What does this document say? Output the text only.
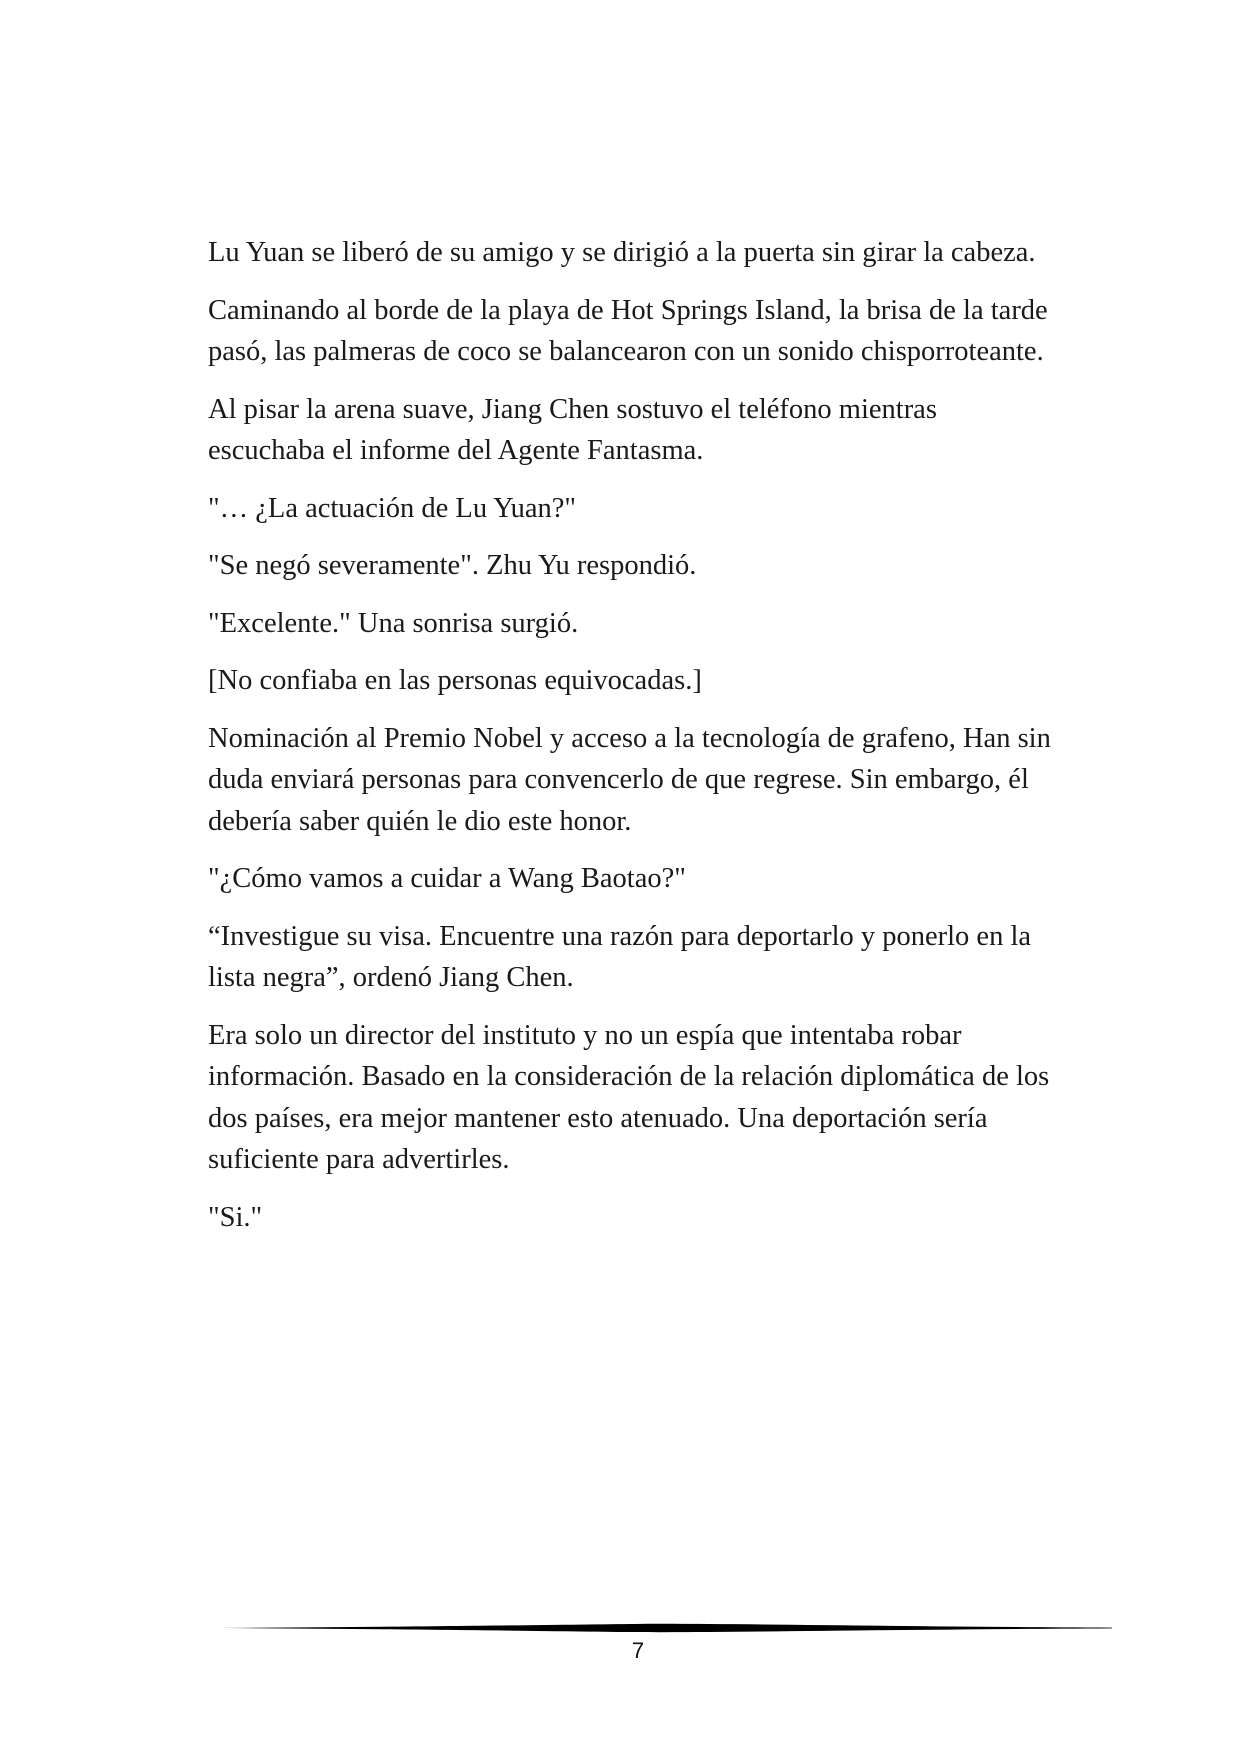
Lu Yuan se liberó de su amigo y se dirigió a la puerta sin girar la cabeza.

Caminando al borde de la playa de Hot Springs Island, la brisa de la tarde pasó, las palmeras de coco se balancearon con un sonido chisporroteante.

Al pisar la arena suave, Jiang Chen sostuvo el teléfono mientras escuchaba el informe del Agente Fantasma.

"… ¿La actuación de Lu Yuan?"

"Se negó severamente". Zhu Yu respondió.

"Excelente." Una sonrisa surgió.

[No confiaba en las personas equivocadas.]

Nominación al Premio Nobel y acceso a la tecnología de grafeno, Han sin duda enviará personas para convencerlo de que regrese. Sin embargo, él debería saber quién le dio este honor.

"¿Cómo vamos a cuidar a Wang Baotao?"

“Investigue su visa. Encuentre una razón para deportarlo y ponerlo en la lista negra”, ordenó Jiang Chen.

Era solo un director del instituto y no un espía que intentaba robar información. Basado en la consideración de la relación diplomática de los dos países, era mejor mantener esto atenuado. Una deportación sería suficiente para advertirles.

"Si."

7
